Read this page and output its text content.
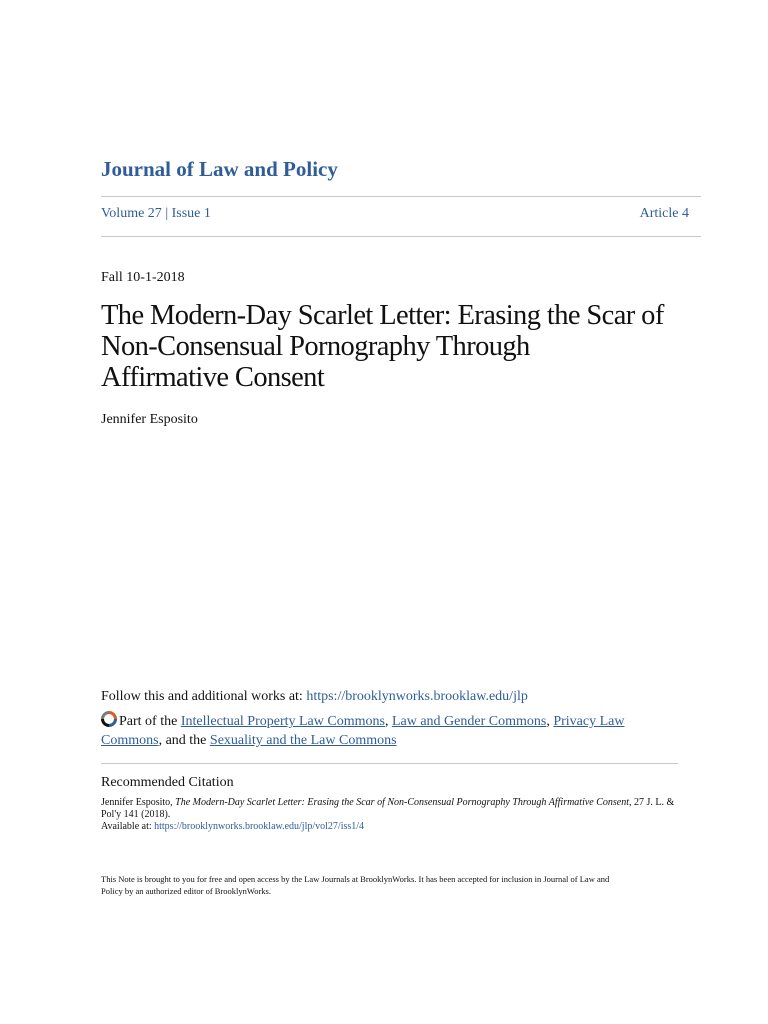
Journal of Law and Policy
Volume 27 | Issue 1	Article 4
Fall 10-1-2018
The Modern-Day Scarlet Letter: Erasing the Scar of
Non-Consensual Pornography Through
Affirmative Consent
Jennifer Esposito
Follow this and additional works at: https://brooklynworks.brooklaw.edu/jlp
Part of the Intellectual Property Law Commons, Law and Gender Commons, Privacy Law
Commons, and the Sexuality and the Law Commons
Recommended Citation
Jennifer Esposito, The Modern-Day Scarlet Letter: Erasing the Scar of Non-Consensual Pornography Through Affirmative Consent, 27 J. L. &
Pol'y 141 (2018).
Available at: https://brooklynworks.brooklaw.edu/jlp/vol27/iss1/4
This Note is brought to you for free and open access by the Law Journals at BrooklynWorks. It has been accepted for inclusion in Journal of Law and
Policy by an authorized editor of BrooklynWorks.
